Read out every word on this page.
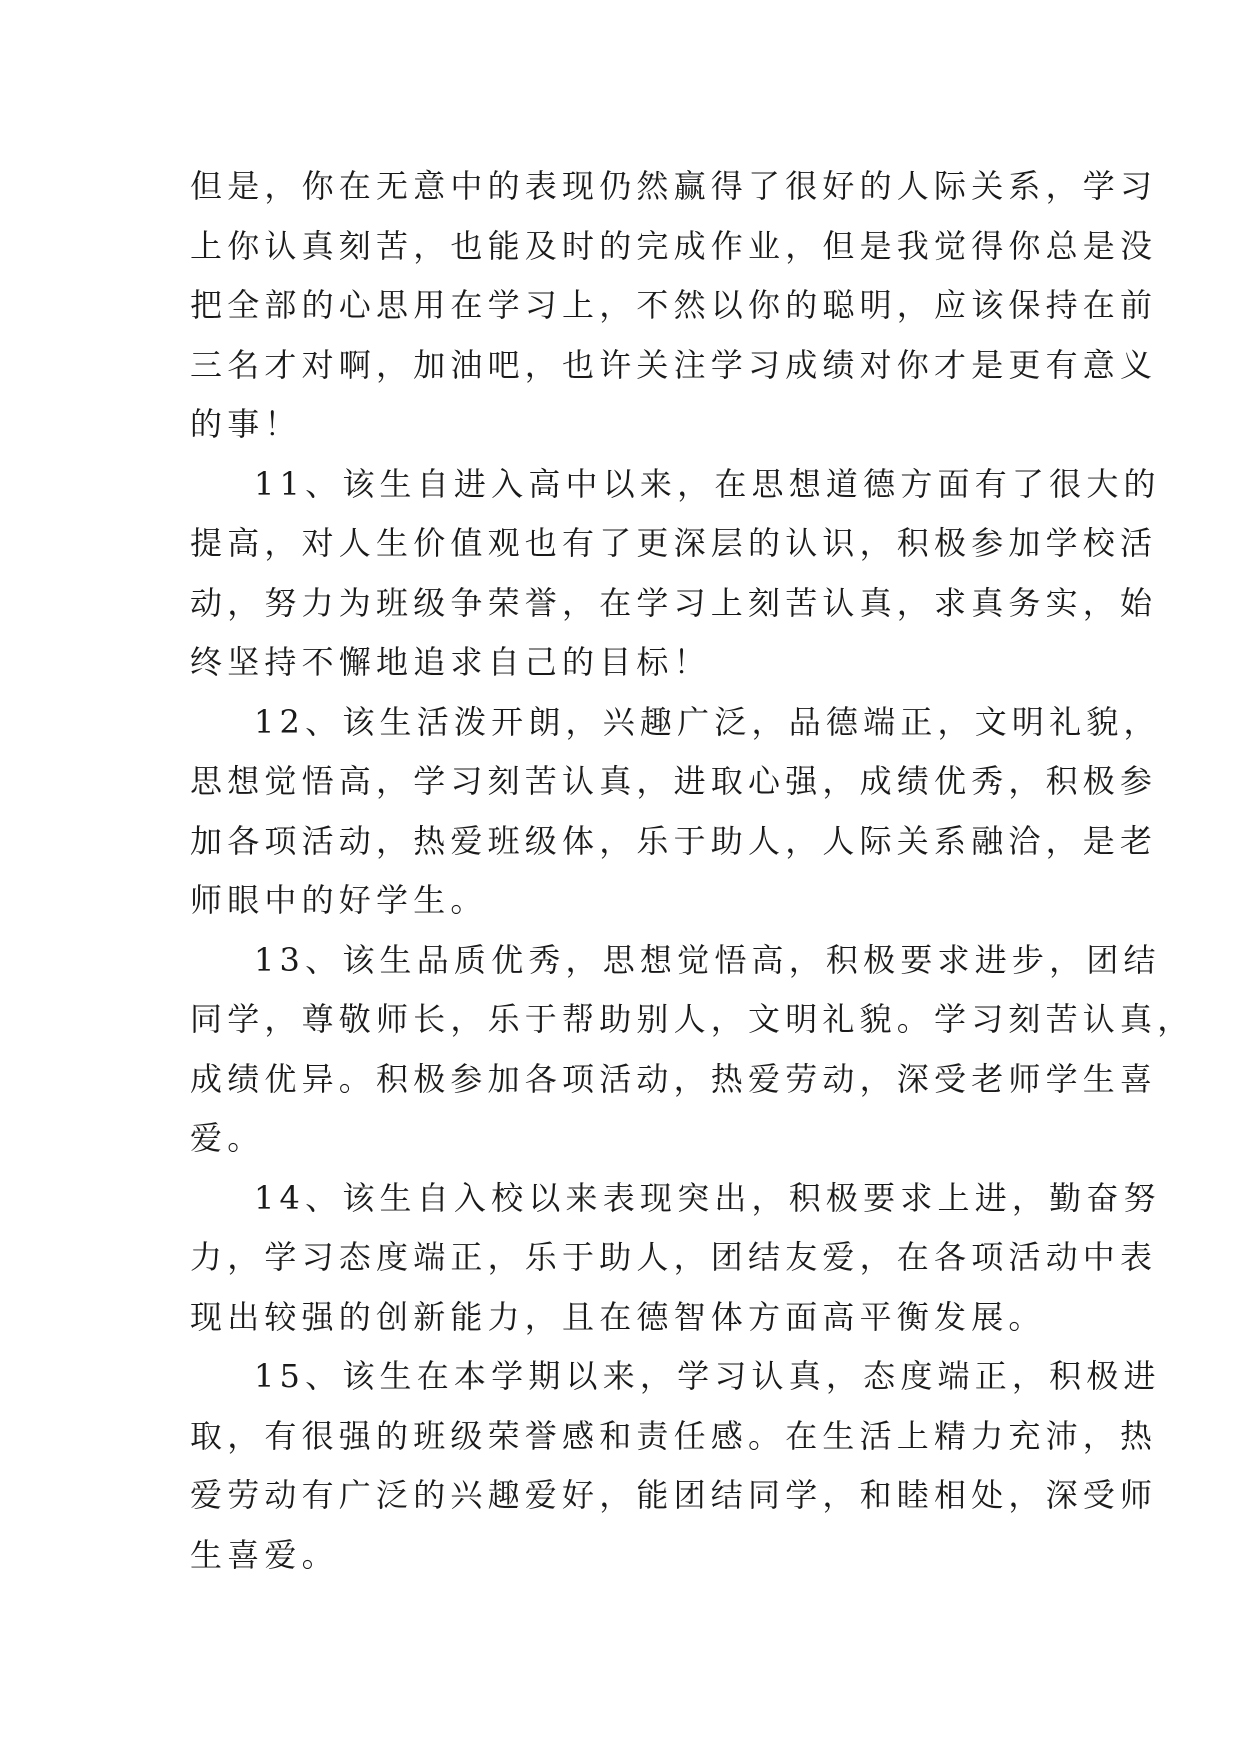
但是，你在无意中的表现仍然赢得了很好的人际关系，学习
上你认真刻苦，也能及时的完成作业，但是我觉得你总是没
把全部的心思用在学习上，不然以你的聪明，应该保持在前
三名才对啊，加油吧，也许关注学习成绩对你才是更有意义
的事！
11、该生自进入高中以来，在思想道德方面有了很大的
提高，对人生价值观也有了更深层的认识，积极参加学校活
动，努力为班级争荣誉，在学习上刻苦认真，求真务实，始
终坚持不懈地追求自己的目标！
12、该生活泼开朗，兴趣广泛，品德端正，文明礼貌，
思想觉悟高，学习刻苦认真，进取心强，成绩优秀，积极参
加各项活动，热爱班级体，乐于助人，人际关系融洽，是老
师眼中的好学生。
13、该生品质优秀，思想觉悟高，积极要求进步，团结
同学，尊敬师长，乐于帮助别人，文明礼貌。学习刻苦认真，
成绩优异。积极参加各项活动，热爱劳动，深受老师学生喜
爱。
14、该生自入校以来表现突出，积极要求上进，勤奋努
力，学习态度端正，乐于助人，团结友爱，在各项活动中表
现出较强的创新能力，且在德智体方面高平衡发展。
15、该生在本学期以来，学习认真，态度端正，积极进
取，有很强的班级荣誉感和责任感。在生活上精力充沛，热
爱劳动有广泛的兴趣爱好，能团结同学，和睦相处，深受师
生喜爱。
